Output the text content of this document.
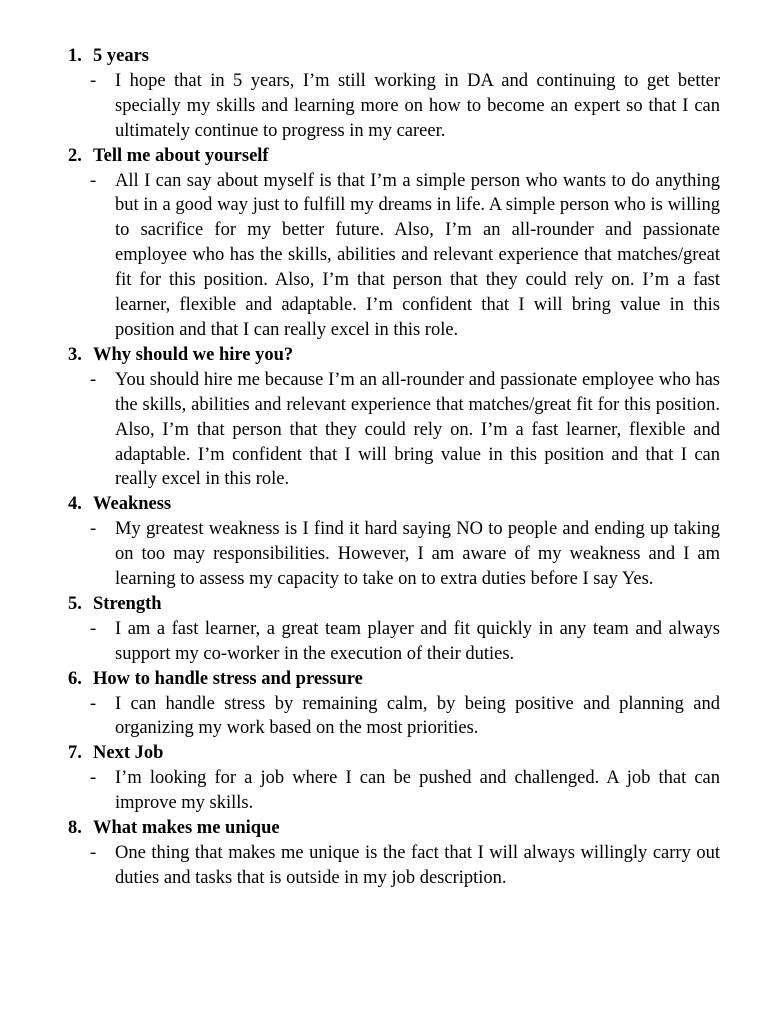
1. 5 years
-	I hope that in 5 years, I’m still working in DA and continuing to get better specially my skills and learning more on how to become an expert so that I can ultimately continue to progress in my career.
2. Tell me about yourself
-	All I can say about myself is that I’m a simple person who wants to do anything but in a good way just to fulfill my dreams in life. A simple person who is willing to sacrifice for my better future. Also, I’m an all-rounder and passionate employee who has the skills, abilities and relevant experience that matches/great fit for this position. Also, I’m that person that they could rely on. I’m a fast learner, flexible and adaptable. I’m confident that I will bring value in this position and that I can really excel in this role.
3. Why should we hire you?
-	You should hire me because I’m an all-rounder and passionate employee who has the skills, abilities and relevant experience that matches/great fit for this position. Also, I’m that person that they could rely on. I’m a fast learner, flexible and adaptable. I’m confident that I will bring value in this position and that I can really excel in this role.
4. Weakness
-	My greatest weakness is I find it hard saying NO to people and ending up taking on too may responsibilities. However, I am aware of my weakness and I am learning to assess my capacity to take on to extra duties before I say Yes.
5. Strength
-	I am a fast learner, a great team player and fit quickly in any team and always support my co-worker in the execution of their duties.
6. How to handle stress and pressure
-	I can handle stress by remaining calm, by being positive and planning and organizing my work based on the most priorities.
7. Next Job
-	I’m looking for a job where I can be pushed and challenged. A job that can improve my skills.
8. What makes me unique
-	One thing that makes me unique is the fact that I will always willingly carry out duties and tasks that is outside in my job description.
